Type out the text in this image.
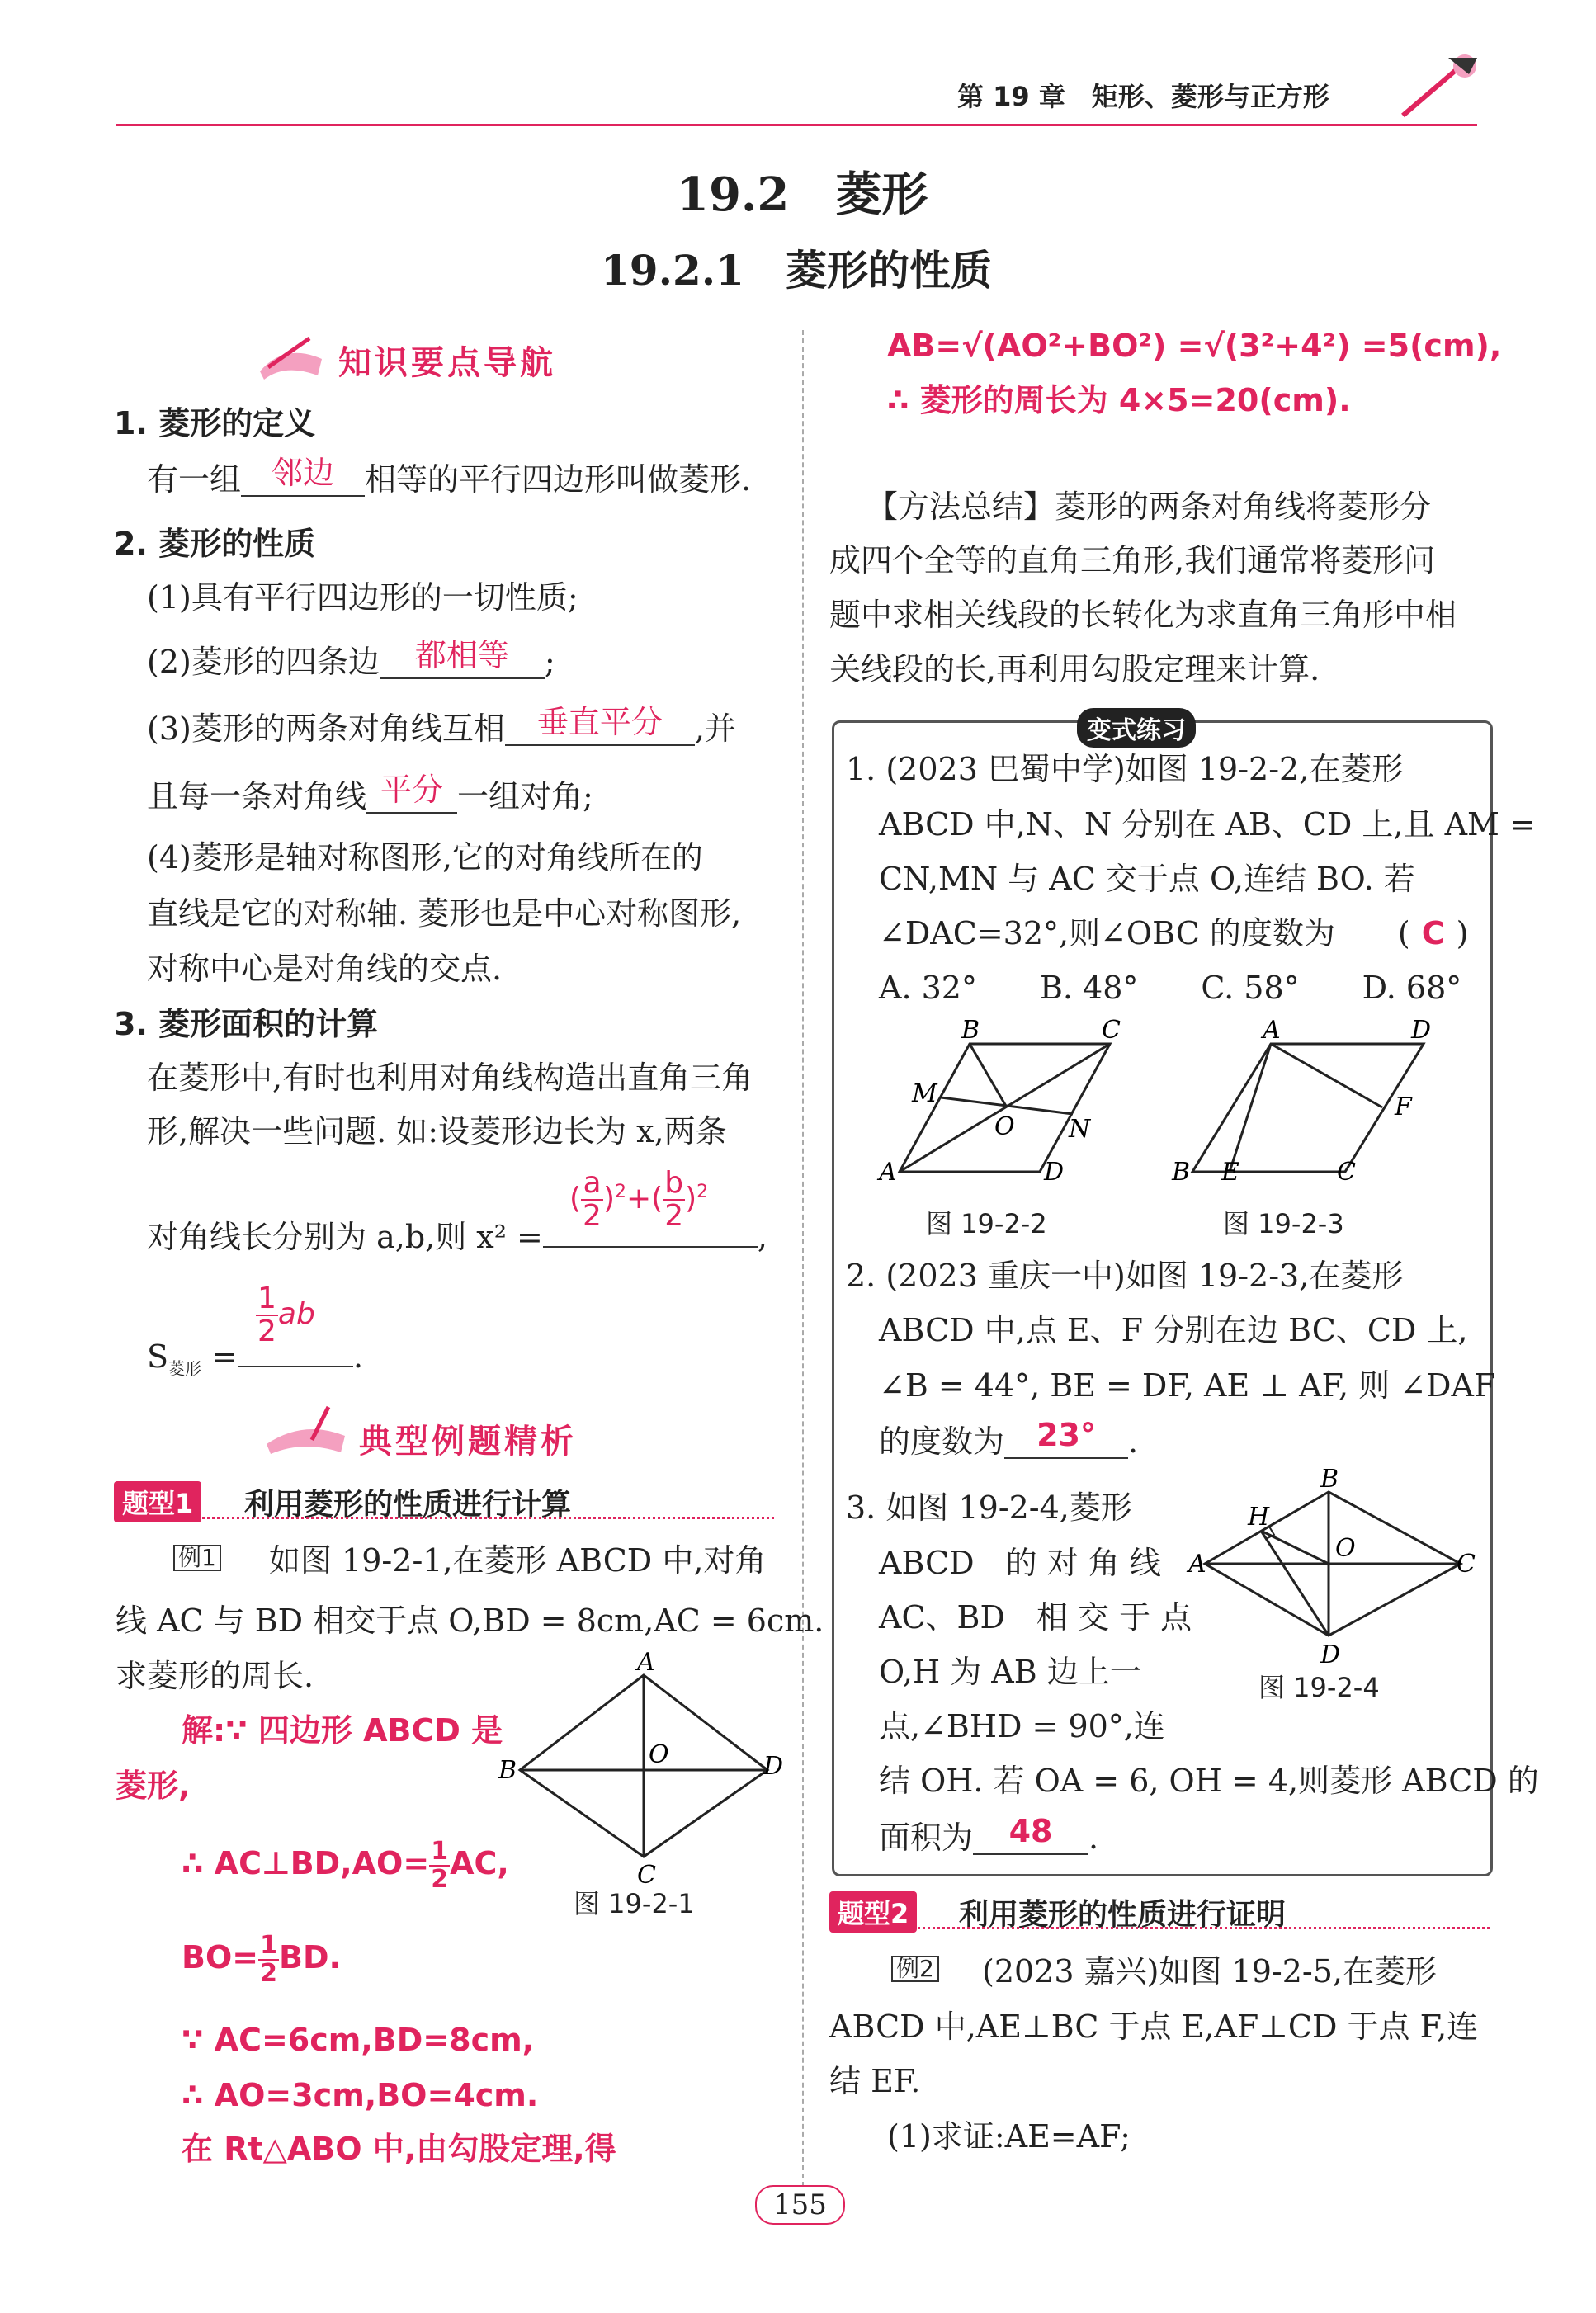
第 19 章　 矩形、菱形与正方形
19.2　菱形
19.2.1　菱形的性质
知识要点导航
1. 菱形的定义
有一组 邻边 相等的平行四边形叫做菱形.
2. 菱形的性质
(1)具有平行四边形的一切性质;
(2)菱形的四条边 都相等 ;
(3)菱形的两条对角线互相 垂直平分 ,并
且每一条对角线 平分 一组对角;
(4)菱形是轴对称图形,它的对角线所在的
直线是它的对称轴. 菱形也是中心对称图形,
对称中心是对角线的交点.
3. 菱形面积的计算
在菱形中,有时也利用对角线构造出直角三角
形,解决一些问题. 如:设菱形边长为 x,两条
对角线长分别为 a,b,则 x² =	,
( $\frac{a}{2} )^2+( \frac{b}{2} )^2$
$S_{菱形}$ =	.
$\frac{1}{2}$ ab
典型例题精析
题型1 利用菱形的性质进行计算
例1 如图 19-2-1,在菱形 ABCD 中,对角
线 AC 与 BD 相交于点 O,BD = 8cm,AC = 6cm.
求菱形的周长.
解:∵ 四边形 ABCD 是
菱形,
∴ AC⊥BD,AO= $\frac{1}{2}$ AC,
$BO= \frac{1}{2}$ BD.
∵ AC=6cm,BD=8cm,
∴ AO=3cm,BO=4cm.
在 Rt△ABO 中,由勾股定理,得
A
B
C
D
O
图 19-2-1
AB=√(AO²+BO²) =√(3²+4²) =5(cm),
∴ 菱形的周长为 4×5=20(cm).
【方法总结】菱形的两条对角线将菱形分
成四个全等的直角三角形,我们通常将菱形问
题中求相关线段的长转化为求直角三角形中相
关线段的长,再利用勾股定理来计算.
变式练习
1. (2023 巴蜀中学)如图 19-2-2,在菱形
ABCD 中,N、N 分别在 AB、CD 上,且 AM =
CN,MN 与 AC 交于点 O,连结 BO. 若
∠DAC=32°,则∠OBC 的度数为　　( C )
A. 32°　　B. 48°　　C. 58°　　D. 68°
B	C
M
O N
A	D
图 19-2-2
A	D
F
B E	C
图 19-2-3
2. (2023 重庆一中)如图 19-2-3,在菱形
ABCD 中,点 E、F 分别在边 BC、CD 上,
∠B = 44°, BE = DF, AE ⊥ AF, 则 ∠DAF
的度数为 23° .
3. 如图 19-2-4,菱形
ABCD　的 对 角 线
AC、BD　相 交 于 点
O,H 为 AB 边上一
点,∠BHD = 90°,连
结 OH. 若 OA = 6, OH = 4,则菱形 ABCD 的
面积为 48 .
B
H
A
O
C
D
图 19-2-4
题型2 利用菱形的性质进行证明
例2 (2023 嘉兴)如图 19-2-5,在菱形
ABCD 中,AE⊥BC 于点 E,AF⊥CD 于点 F,连
结 EF.
(1)求证:AE=AF;
155
